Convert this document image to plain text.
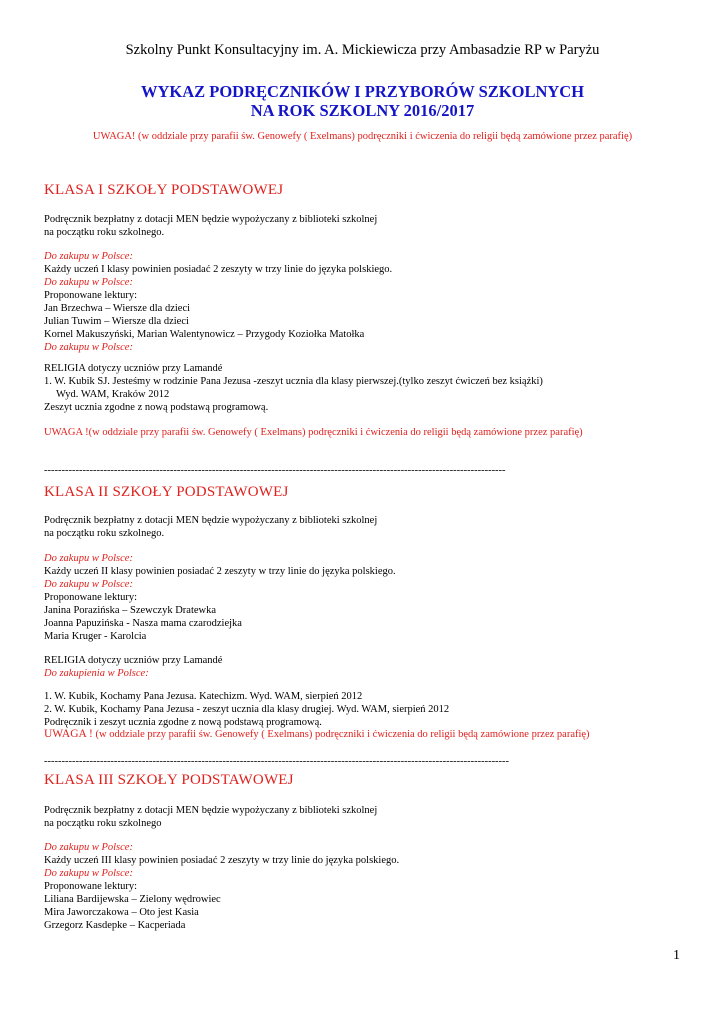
Szkolny Punkt Konsultacyjny im. A. Mickiewicza przy Ambasadzie RP w Paryżu
WYKAZ PODRĘCZNIKÓW I PRZYBORÓW SZKOLNYCH
NA ROK SZKOLNY 2016/2017
UWAGA! (w oddziale przy parafii św. Genowefy ( Exelmans) podręczniki i ćwiczenia do religii będą zamówione przez parafię)
KLASA I SZKOŁY PODSTAWOWEJ
Podręcznik bezpłatny z dotacji MEN będzie wypożyczany z biblioteki szkolnej
na początku roku szkolnego.
Do zakupu w Polsce:
Każdy uczeń I klasy powinien posiadać 2 zeszyty w trzy linie do języka polskiego.
Do zakupu w Polsce:
Proponowane lektury:
Jan Brzechwa – Wiersze dla dzieci
Julian Tuwim – Wiersze dla dzieci
Kornel Makuszyński, Marian Walentynowicz – Przygody Koziołka Matołka
Do zakupu w Polsce:
RELIGIA dotyczy uczniów przy Lamandé
1. W. Kubik SJ. Jesteśmy w rodzinie Pana Jezusa -zeszyt ucznia dla klasy pierwszej.(tylko zeszyt ćwiczeń bez książki)
Wyd. WAM, Kraków 2012
Zeszyt ucznia zgodne z nową podstawą programową.
UWAGA !(w oddziale przy parafii św. Genowefy ( Exelmans) podręczniki i ćwiczenia do religii będą zamówione przez parafię)
------------------------------------------------------------------------------------------------------------------------------------
KLASA II SZKOŁY PODSTAWOWEJ
Podręcznik bezpłatny z dotacji MEN będzie wypożyczany z biblioteki szkolnej
na początku roku szkolnego.
Do zakupu w Polsce:
Każdy uczeń II klasy powinien posiadać 2 zeszyty w trzy linie do języka polskiego.
Do zakupu w Polsce:
Proponowane lektury:
Janina Porazińska – Szewczyk Dratewka
Joanna Papuzińska - Nasza mama czarodziejka
Maria Kruger - Karolcia
RELIGIA dotyczy uczniów przy Lamandé
Do zakupienia w Polsce:
1. W. Kubik, Kochamy Pana Jezusa. Katechizm. Wyd. WAM, sierpień 2012
2. W. Kubik, Kochamy Pana Jezusa - zeszyt ucznia dla klasy drugiej. Wyd. WAM, sierpień 2012
Podręcznik i zeszyt ucznia zgodne z nową podstawą programową.
UWAGA ! (w oddziale przy parafii św. Genowefy ( Exelmans) podręczniki i ćwiczenia do religii będą zamówione przez parafię)
-------------------------------------------------------------------------------------------------------------------------------------
KLASA III SZKOŁY PODSTAWOWEJ
Podręcznik bezpłatny z dotacji MEN będzie wypożyczany z biblioteki szkolnej
na początku roku szkolnego
Do zakupu w Polsce:
Każdy uczeń III klasy powinien posiadać 2 zeszyty w trzy linie do języka polskiego.
Do zakupu w Polsce:
Proponowane lektury:
Liliana Bardijewska – Zielony wędrowiec
Mira Jaworczakowa – Oto jest Kasia
Grzegorz Kasdepke – Kacperiada
1
